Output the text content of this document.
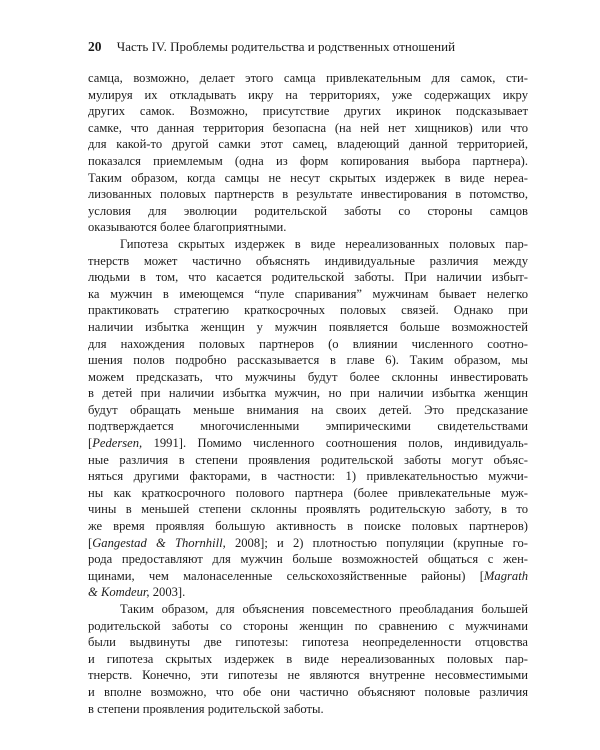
20 Часть IV. Проблемы родительства и родственных отношений
самца, возможно, делает этого самца привлекательным для самок, сти-
мулируя их откладывать икру на территориях, уже содержащих икру
других самок. Возможно, присутствие других икринок подсказывает
самке, что данная территория безопасна (на ней нет хищников) или что
для какой-то другой самки этот самец, владеющий данной территорией,
показался приемлемым (одна из форм копирования выбора партнера).
Таким образом, когда самцы не несут скрытых издержек в виде нереа-
лизованных половых партнерств в результате инвестирования в потомство,
условия для эволюции родительской заботы со стороны самцов
оказываются более благоприятными.
Гипотеза скрытых издержек в виде нереализованных половых пар-
тнерств может частично объяснять индивидуальные различия между
людьми в том, что касается родительской заботы. При наличии избыт-
ка мужчин в имеющемся “пуле спаривания” мужчинам бывает нелегко
практиковать стратегию краткосрочных половых связей. Однако при
наличии избытка женщин у мужчин появляется больше возможностей
для нахождения половых партнеров (о влиянии численного соотно-
шения полов подробно рассказывается в главе 6). Таким образом, мы
можем предсказать, что мужчины будут более склонны инвестировать
в детей при наличии избытка мужчин, но при наличии избытка женщин
будут обращать меньше внимания на своих детей. Это предсказание
подтверждается многочисленными эмпирическими свидетельствами
[Pedersen, 1991]. Помимо численного соотношения полов, индивидуаль-
ные различия в степени проявления родительской заботы могут объяс-
няться другими факторами, в частности: 1) привлекательностью мужчи-
ны как краткосрочного полового партнера (более привлекательные муж-
чины в меньшей степени склонны проявлять родительскую заботу, в то
же время проявляя большую активность в поиске половых партнеров)
[Gangestad & Thornhill, 2008]; и 2) плотностью популяции (крупные го-
рода предоставляют для мужчин больше возможностей общаться с жен-
щинами, чем малонаселенные сельскохозяйственные районы) [Magrath
& Komdeur, 2003].
Таким образом, для объяснения повсеместного преобладания большей
родительской заботы со стороны женщин по сравнению с мужчинами
были выдвинуты две гипотезы: гипотеза неопределенности отцовства
и гипотеза скрытых издержек в виде нереализованных половых пар-
тнерств. Конечно, эти гипотезы не являются внутренне несовместимыми
и вполне возможно, что обе они частично объясняют половые различия
в степени проявления родительской заботы.
